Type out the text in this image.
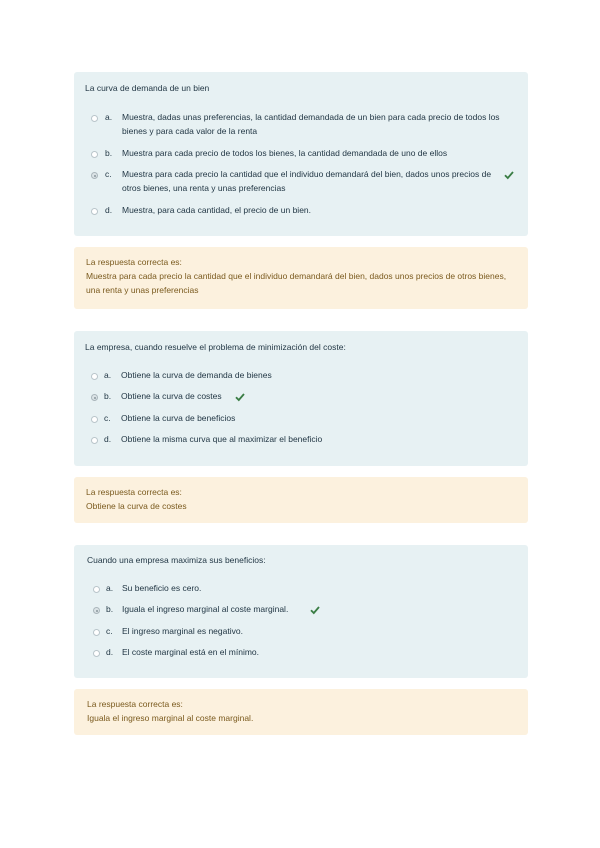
La curva de demanda de un bien
a. Muestra, dadas unas preferencias, la cantidad demandada de un bien para cada precio de todos los bienes y para cada valor de la renta
b. Muestra para cada precio de todos los bienes, la cantidad demandada de uno de ellos
c. Muestra para cada precio la cantidad que el individuo demandará del bien, dados unos precios de otros bienes, una renta y unas preferencias
d. Muestra, para cada cantidad, el precio de un bien.
La respuesta correcta es:
Muestra para cada precio la cantidad que el individuo demandará del bien, dados unos precios de otros bienes, una renta y unas preferencias
La empresa, cuando resuelve el problema de minimización del coste:
a. Obtiene la curva de demanda de bienes
b. Obtiene la curva de costes
c. Obtiene la curva de beneficios
d. Obtiene la misma curva que al maximizar el beneficio
La respuesta correcta es:
Obtiene la curva de costes
Cuando una empresa maximiza sus beneficios:
a. Su beneficio es cero.
b. Iguala el ingreso marginal al coste marginal.
c. El ingreso marginal es negativo.
d. El coste marginal está en el mínimo.
La respuesta correcta es:
Iguala el ingreso marginal al coste marginal.
